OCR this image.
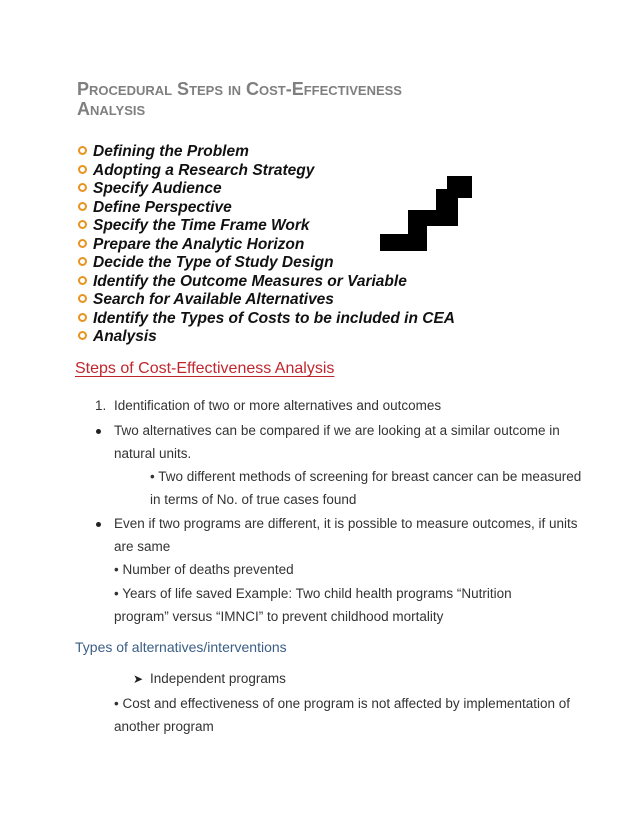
Procedural Steps in Cost-Effectiveness
Analysis
Defining the Problem
Adopting a Research Strategy
Specify Audience
Define Perspective
Specify the Time Frame Work
Prepare the Analytic Horizon
Decide the Type of Study Design
Identify the Outcome Measures or Variable
Search for Available Alternatives
Identify the Types of Costs to be included in CEA
Analysis
Steps of Cost-Effectiveness Analysis
1. Identification of two or more alternatives and outcomes
Two alternatives can be compared if we are looking at a similar outcome in
natural units.
• Two different methods of screening for breast cancer can be measured
in terms of No. of true cases found
Even if two programs are different, it is possible to measure outcomes, if units
are same
• Number of deaths prevented
• Years of life saved Example: Two child health programs “Nutrition
program” versus “IMNCI” to prevent childhood mortality
Types of alternatives/interventions
➤ Independent programs
• Cost and effectiveness of one program is not affected by implementation of
another program
